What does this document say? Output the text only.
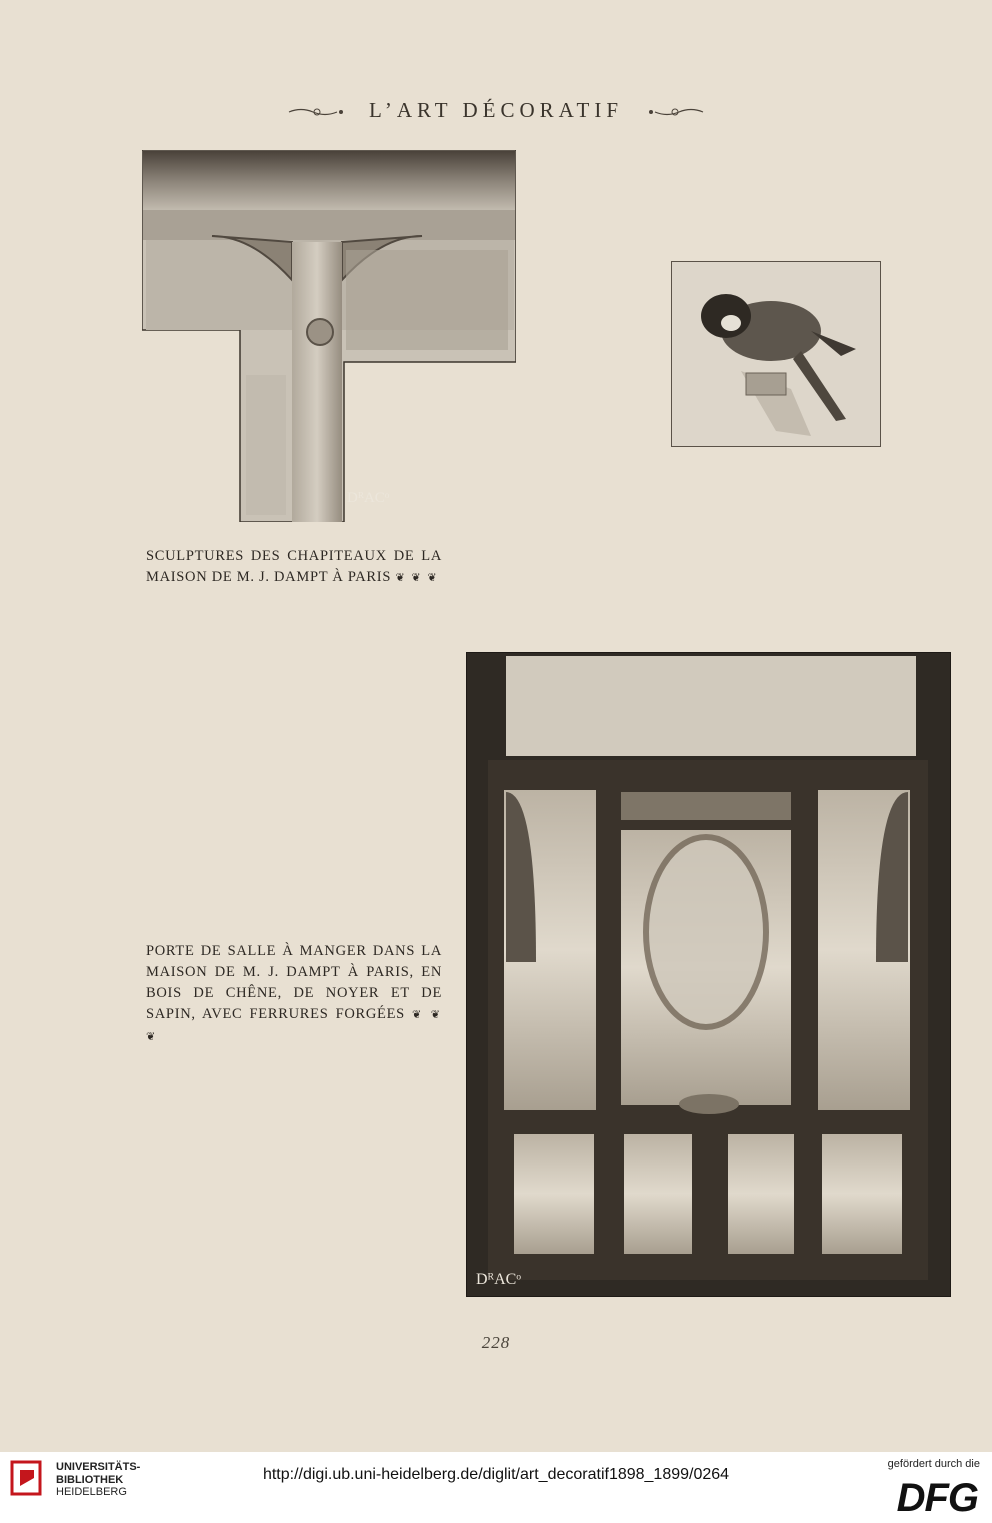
L’ART DÉCORATIF
DᴿACᵒ
SCULPTURES DES CHAPITEAUX DE LA MAISON DE M. J. DAMPT À PARIS ❦ ❦ ❦
DᴿACᵒ
PORTE DE SALLE À MANGER DANS LA MAISON DE M. J. DAMPT À PARIS, EN BOIS DE CHÊNE, DE NOYER ET DE SAPIN, AVEC FERRURES FORGÉES ❦ ❦ ❦
228
UNIVERSITÄTS-
BIBLIOTHEK
HEIDELBERG
http://digi.ub.uni-heidelberg.de/diglit/art_decoratif1898_1899/0264
gefördert durch die
DFG
